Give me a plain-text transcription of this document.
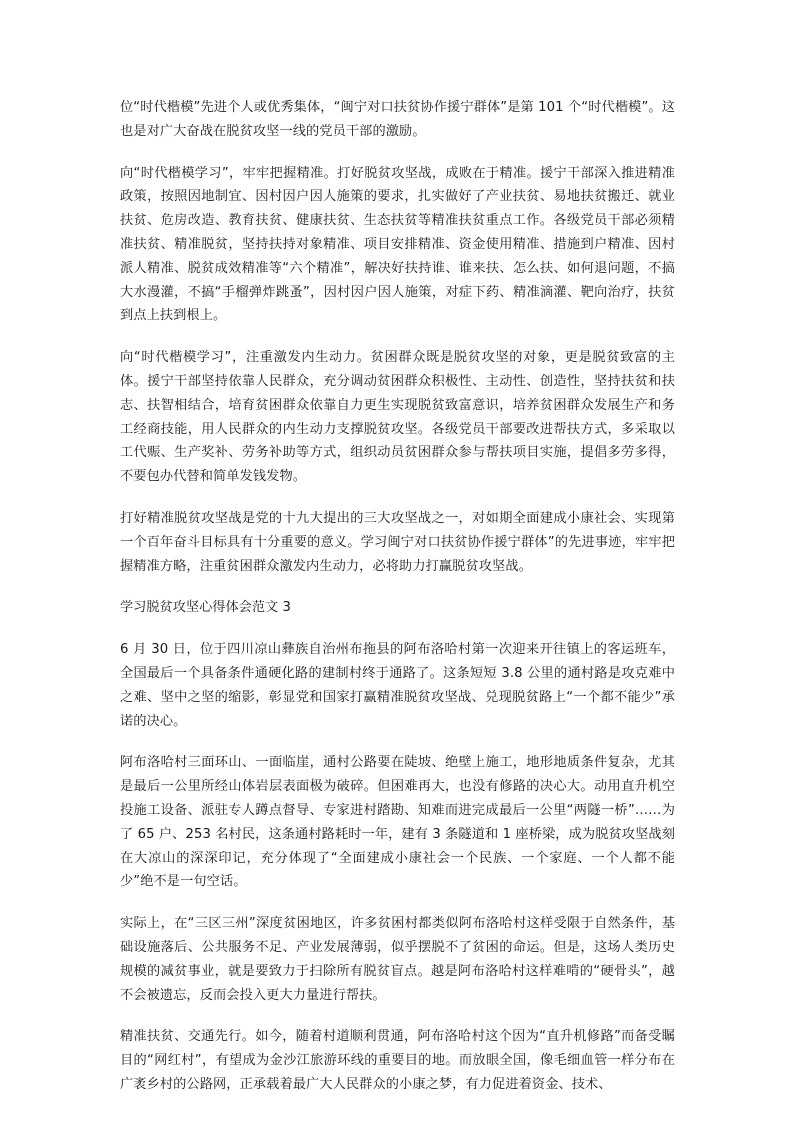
位“时代楷模”先进个人或优秀集体，“闽宁对口扶贫协作援宁群体”是第 101 个“时代楷模”。这也是对广大奋战在脱贫攻坚一线的党员干部的激励。

向“时代楷模学习”，牢牢把握精准。打好脱贫攻坚战，成败在于精准。援宁干部深入推进精准政策，按照因地制宜、因村因户因人施策的要求，扎实做好了产业扶贫、易地扶贫搬迁、就业扶贫、危房改造、教育扶贫、健康扶贫、生态扶贫等精准扶贫重点工作。各级党员干部必须精准扶贫、精准脱贫，坚持扶持对象精准、项目安排精准、资金使用精准、措施到户精准、因村派人精准、脱贫成效精准等“六个精准”，解决好扶持谁、谁来扶、怎么扶、如何退问题，不搞大水漫灌，不搞“手榴弹炸跳蚤”，因村因户因人施策，对症下药、精准滴灌、靶向治疗，扶贫到点上扶到根上。

向“时代楷模学习”，注重激发内生动力。贫困群众既是脱贫攻坚的对象，更是脱贫致富的主体。援宁干部坚持依靠人民群众，充分调动贫困群众积极性、主动性、创造性，坚持扶贫和扶志、扶智相结合，培育贫困群众依靠自力更生实现脱贫致富意识，培养贫困群众发展生产和务工经商技能，用人民群众的内生动力支撑脱贫攻坚。各级党员干部要改进帮扶方式，多采取以工代赈、生产奖补、劳务补助等方式，组织动员贫困群众参与帮扶项目实施，提倡多劳多得，不要包办代替和简单发钱发物。

打好精准脱贫攻坚战是党的十九大提出的三大攻坚战之一，对如期全面建成小康社会、实现第一个百年奋斗目标具有十分重要的意义。学习闽宁对口扶贫协作援宁群体”的先进事迹，牢牢把握精准方略，注重贫困群众激发内生动力，必将助力打赢脱贫攻坚战。

学习脱贫攻坚心得体会范文 3

6 月 30 日，位于四川凉山彝族自治州布拖县的阿布洛哈村第一次迎来开往镇上的客运班车，全国最后一个具备条件通硬化路的建制村终于通路了。这条短短 3.8 公里的通村路是攻克难中之难、坚中之坚的缩影，彰显党和国家打赢精准脱贫攻坚战、兑现脱贫路上“一个都不能少”承诺的决心。

阿布洛哈村三面环山、一面临崖，通村公路要在陡坡、绝壁上施工，地形地质条件复杂，尤其是最后一公里所经山体岩层表面极为破碎。但困难再大，也没有修路的决心大。动用直升机空投施工设备、派驻专人蹲点督导、专家进村踏勘、知难而进完成最后一公里“两隧一桥”……为了 65 户、253 名村民，这条通村路耗时一年，建有 3 条隧道和 1 座桥梁，成为脱贫攻坚战刻在大凉山的深深印记，充分体现了“全面建成小康社会一个民族、一个家庭、一个人都不能少”绝不是一句空话。

实际上，在“三区三州”深度贫困地区，许多贫困村都类似阿布洛哈村这样受限于自然条件，基础设施落后、公共服务不足、产业发展薄弱，似乎摆脱不了贫困的命运。但是，这场人类历史规模的减贫事业，就是要致力于扫除所有脱贫盲点。越是阿布洛哈村这样难啃的“硬骨头”，越不会被遗忘，反而会投入更大力量进行帮扶。

精准扶贫、交通先行。如今，随着村道顺利贯通，阿布洛哈村这个因为“直升机修路”而备受瞩目的“网红村”，有望成为金沙江旅游环线的重要目的地。而放眼全国，像毛细血管一样分布在广袤乡村的公路网，正承载着最广大人民群众的小康之梦，有力促进着资金、技术、
